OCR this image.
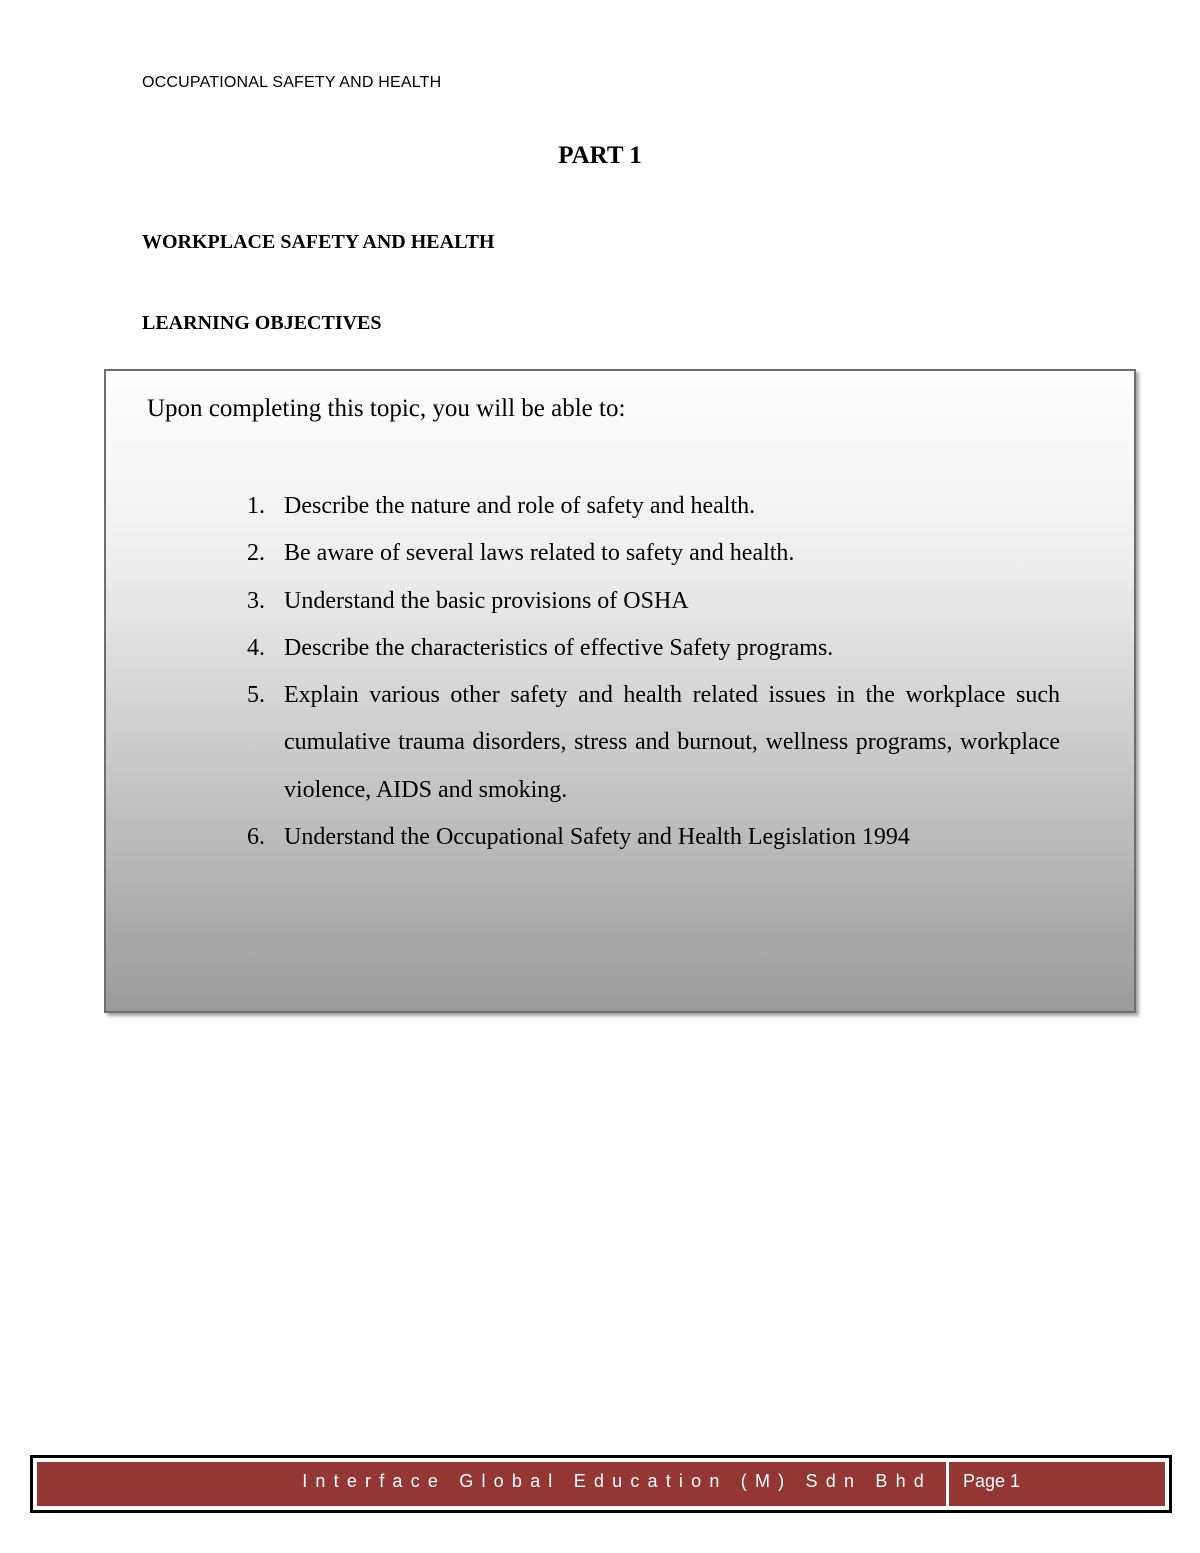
OCCUPATIONAL SAFETY AND HEALTH
PART 1
WORKPLACE SAFETY AND HEALTH
LEARNING OBJECTIVES
Upon completing this topic, you will be able to:
1. Describe the nature and role of safety and health.
2. Be aware of several laws related to safety and health.
3. Understand the basic provisions of OSHA
4. Describe the characteristics of effective Safety programs.
5. Explain various other safety and health related issues in the workplace such cumulative trauma disorders, stress and burnout, wellness programs, workplace violence, AIDS and smoking.
6. Understand the Occupational Safety and Health Legislation 1994
Interface Global Education (M) Sdn Bhd	Page 1
